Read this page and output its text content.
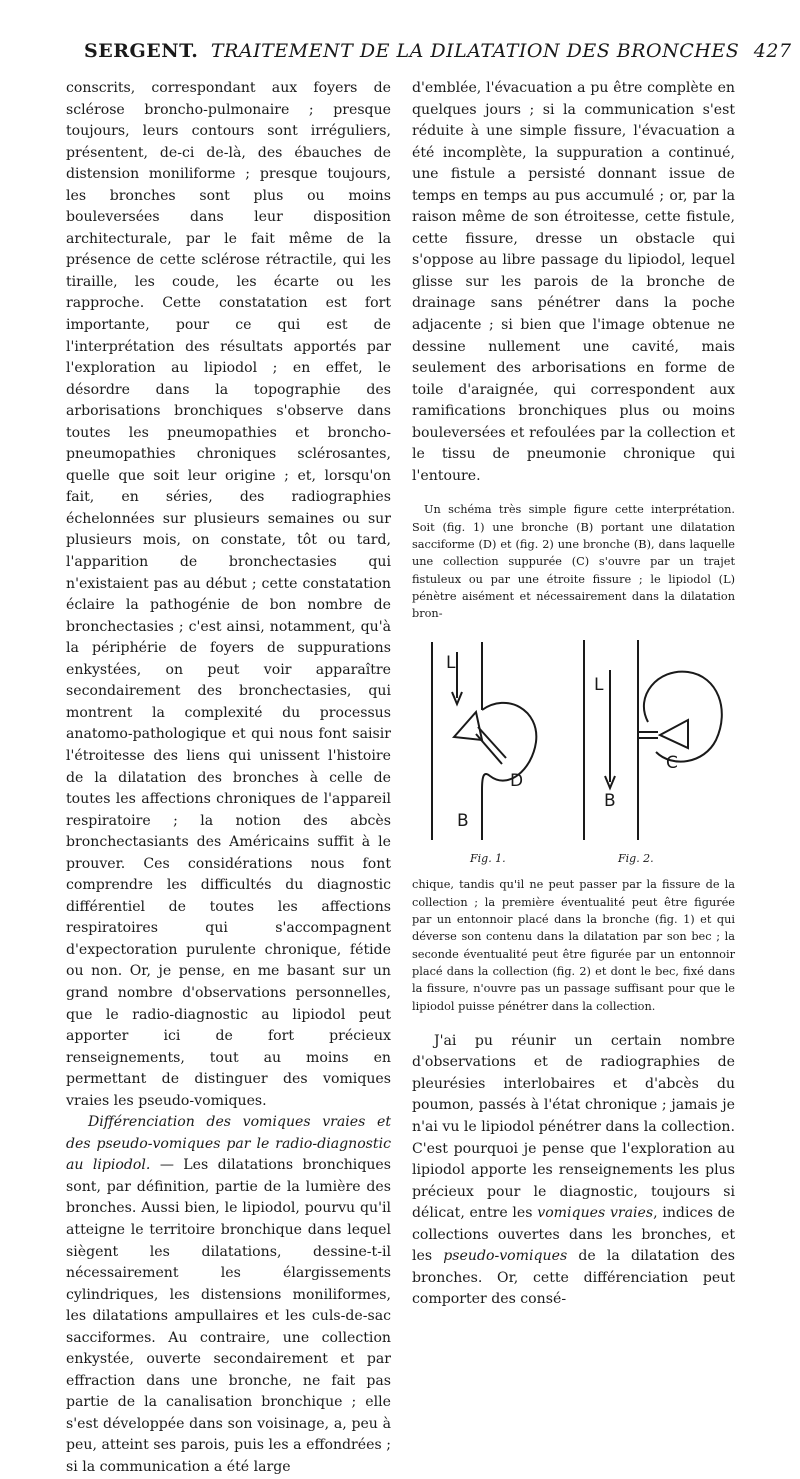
SERGENT. TRAITEMENT DE LA DILATATION DES BRONCHES 427

conscrits, correspondant aux foyers de sclérose broncho-pulmonaire ; presque toujours, leurs contours sont irréguliers, présentent, de-ci de-là, des ébauches de distension moniliforme ; presque toujours, les bronches sont plus ou moins bouleversées dans leur disposition architecturale, par le fait même de la présence de cette sclérose rétractile, qui les tiraille, les coude, les écarte ou les rapproche. Cette constatation est fort importante, pour ce qui est de l'interprétation des résultats apportés par l'exploration au lipiodol ; en effet, le désordre dans la topographie des arborisations bronchiques s'observe dans toutes les pneumopathies et broncho-pneumopathies chroniques sclérosantes, quelle que soit leur origine ; et, lorsqu'on fait, en séries, des radiographies échelonnées sur plusieurs semaines ou sur plusieurs mois, on constate, tôt ou tard, l'apparition de bronchectasies qui n'existaient pas au début ; cette constatation éclaire la pathogénie de bon nombre de bronchectasies ; c'est ainsi, notamment, qu'à la périphérie de foyers de suppurations enkystées, on peut voir apparaître secondairement des bronchectasies, qui montrent la complexité du processus anatomo-pathologique et qui nous font saisir l'étroitesse des liens qui unissent l'histoire de la dilatation des bronches à celle de toutes les affections chroniques de l'appareil respiratoire ; la notion des abcès bronchectasiants des Américains suffit à le prouver. Ces considérations nous font comprendre les difficultés du diagnostic différentiel de toutes les affections respiratoires qui s'accompagnent d'expectoration purulente chronique, fétide ou non. Or, je pense, en me basant sur un grand nombre d'observations personnelles, que le radio-diagnostic au lipiodol peut apporter ici de fort précieux renseignements, tout au moins en permettant de distinguer des vomiques vraies les pseudo-vomiques.

Différenciation des vomiques vraies et des pseudo-vomiques par le radio-diagnostic au lipiodol. — Les dilatations bronchiques sont, par définition, partie de la lumière des bronches. Aussi bien, le lipiodol, pourvu qu'il atteigne le territoire bronchique dans lequel siègent les dilatations, dessine-t-il nécessairement les élargissements cylindriques, les distensions moniliformes, les dilatations ampullaires et les culs-de-sac sacciformes. Au contraire, une collection enkystée, ouverte secondairement et par effraction dans une bronche, ne fait pas partie de la canalisation bronchique ; elle s'est développée dans son voisinage, a, peu à peu, atteint ses parois, puis les a effondrées ; si la communication a été large

d'emblée, l'évacuation a pu être complète en quelques jours ; si la communication s'est réduite à une simple fissure, l'évacuation a été incomplète, la suppuration a continué, une fistule a persisté donnant issue de temps en temps au pus accumulé ; or, par la raison même de son étroitesse, cette fistule, cette fissure, dresse un obstacle qui s'oppose au libre passage du lipiodol, lequel glisse sur les parois de la bronche de drainage sans pénétrer dans la poche adjacente ; si bien que l'image obtenue ne dessine nullement une cavité, mais seulement des arborisations en forme de toile d'araignée, qui correspondent aux ramifications bronchiques plus ou moins bouleversées et refoulées par la collection et le tissu de pneumonie chronique qui l'entoure.

Un schéma très simple figure cette interprétation. Soit (fig. 1) une bronche (B) portant une dilatation sacciforme (D) et (fig. 2) une bronche (B), dans laquelle une collection suppurée (C) s'ouvre par un trajet fistuleux ou par une étroite fissure ; le lipiodol (L) pénètre aisément et nécessairement dans la dilatation bron-

L
D
B
L
C
B
Fig. 1.	Fig. 2.

chique, tandis qu'il ne peut passer par la fissure de la collection ; la première éventualité peut être figurée par un entonnoir placé dans la bronche (fig. 1) et qui déverse son contenu dans la dilatation par son bec ; la seconde éventualité peut être figurée par un entonnoir placé dans la collection (fig. 2) et dont le bec, fixé dans la fissure, n'ouvre pas un passage suffisant pour que le lipiodol puisse pénétrer dans la collection.

J'ai pu réunir un certain nombre d'observations et de radiographies de pleurésies interlobaires et d'abcès du poumon, passés à l'état chronique ; jamais je n'ai vu le lipiodol pénétrer dans la collection. C'est pourquoi je pense que l'exploration au lipiodol apporte les renseignements les plus précieux pour le diagnostic, toujours si délicat, entre les vomiques vraies, indices de collections ouvertes dans les bronches, et les pseudo-vomiques de la dilatation des bronches. Or, cette différenciation peut comporter des consé-
